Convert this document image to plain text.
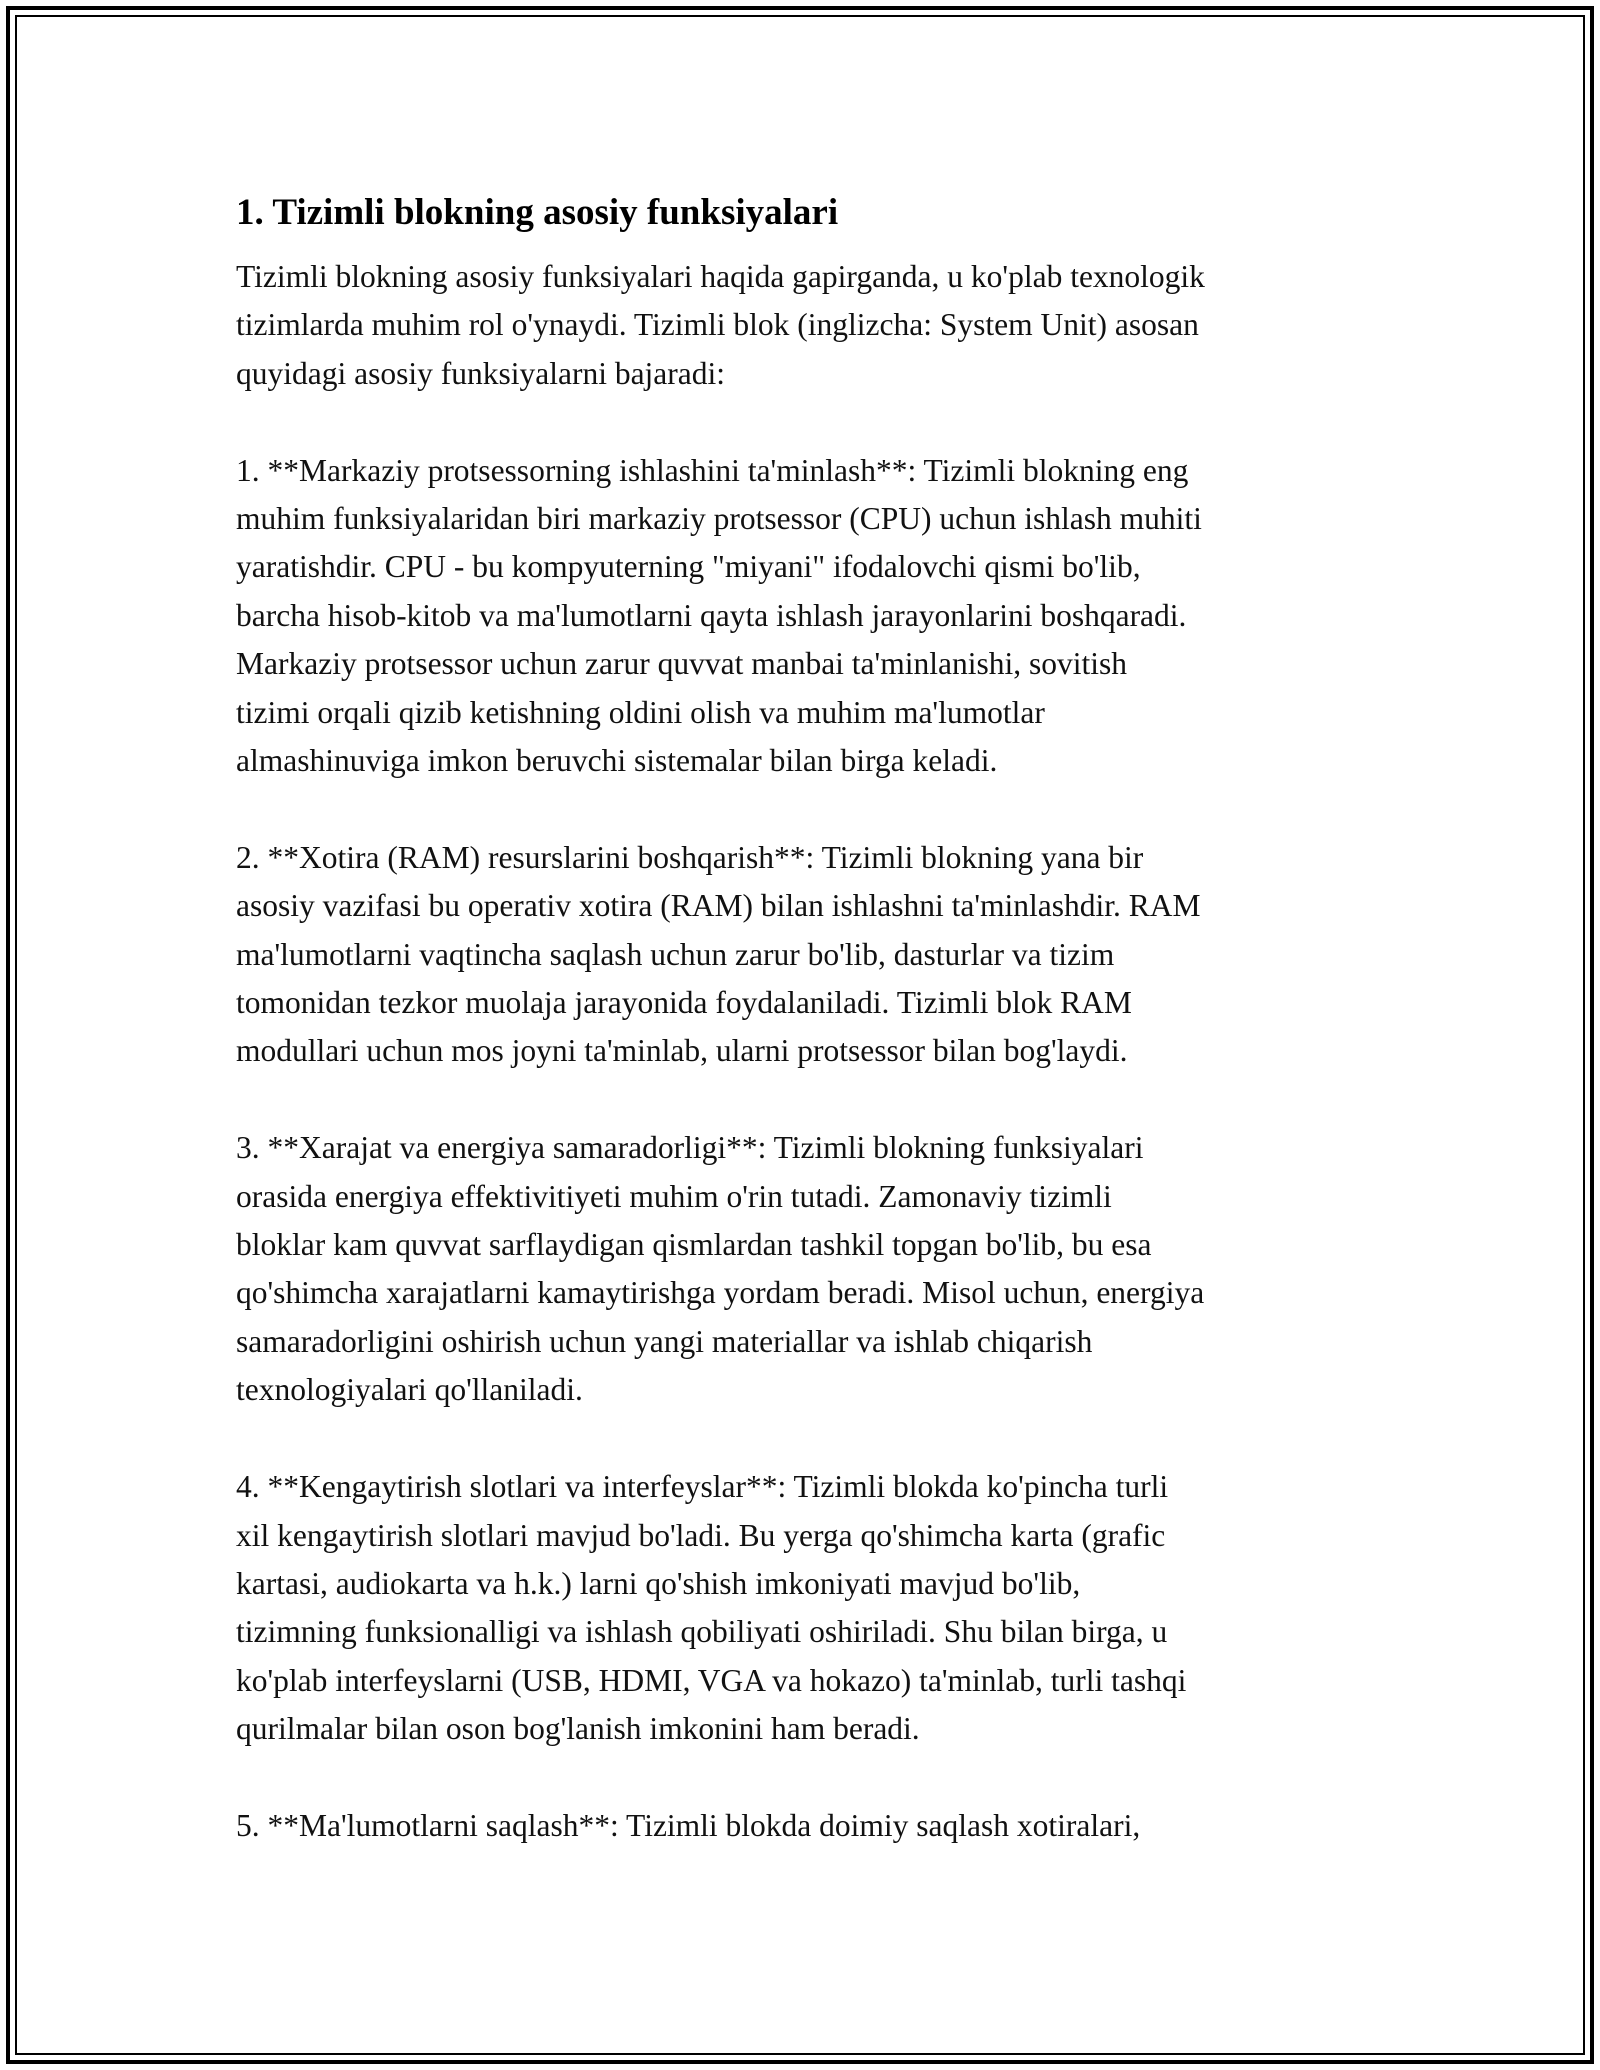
1. Tizimli blokning asosiy funksiyalari

Tizimli blokning asosiy funksiyalari haqida gapirganda, u ko'plab texnologik
tizimlarda muhim rol o'ynaydi. Tizimli blok (inglizcha: System Unit) asosan
quyidagi asosiy funksiyalarni bajaradi:

1. **Markaziy protsessorning ishlashini ta'minlash**: Tizimli blokning eng
muhim funksiyalaridan biri markaziy protsessor (CPU) uchun ishlash muhiti
yaratishdir. CPU - bu kompyuterning "miyani" ifodalovchi qismi bo'lib,
barcha hisob-kitob va ma'lumotlarni qayta ishlash jarayonlarini boshqaradi.
Markaziy protsessor uchun zarur quvvat manbai ta'minlanishi, sovitish
tizimi orqali qizib ketishning oldini olish va muhim ma'lumotlar
almashinuviga imkon beruvchi sistemalar bilan birga keladi.

2. **Xotira (RAM) resurslarini boshqarish**: Tizimli blokning yana bir
asosiy vazifasi bu operativ xotira (RAM) bilan ishlashni ta'minlashdir. RAM
ma'lumotlarni vaqtincha saqlash uchun zarur bo'lib, dasturlar va tizim
tomonidan tezkor muolaja jarayonida foydalaniladi. Tizimli blok RAM
modullari uchun mos joyni ta'minlab, ularni protsessor bilan bog'laydi.

3. **Xarajat va energiya samaradorligi**: Tizimli blokning funksiyalari
orasida energiya effektivitiyeti muhim o'rin tutadi. Zamonaviy tizimli
bloklar kam quvvat sarflaydigan qismlardan tashkil topgan bo'lib, bu esa
qo'shimcha xarajatlarni kamaytirishga yordam beradi. Misol uchun, energiya
samaradorligini oshirish uchun yangi materiallar va ishlab chiqarish
texnologiyalari qo'llaniladi.

4. **Kengaytirish slotlari va interfeyslar**: Tizimli blokda ko'pincha turli
xil kengaytirish slotlari mavjud bo'ladi. Bu yerga qo'shimcha karta (grafic
kartasi, audiokarta va h.k.) larni qo'shish imkoniyati mavjud bo'lib,
tizimning funksionalligi va ishlash qobiliyati oshiriladi. Shu bilan birga, u
ko'plab interfeyslarni (USB, HDMI, VGA va hokazo) ta'minlab, turli tashqi
qurilmalar bilan oson bog'lanish imkonini ham beradi.

5. **Ma'lumotlarni saqlash**: Tizimli blokda doimiy saqlash xotiralari,
